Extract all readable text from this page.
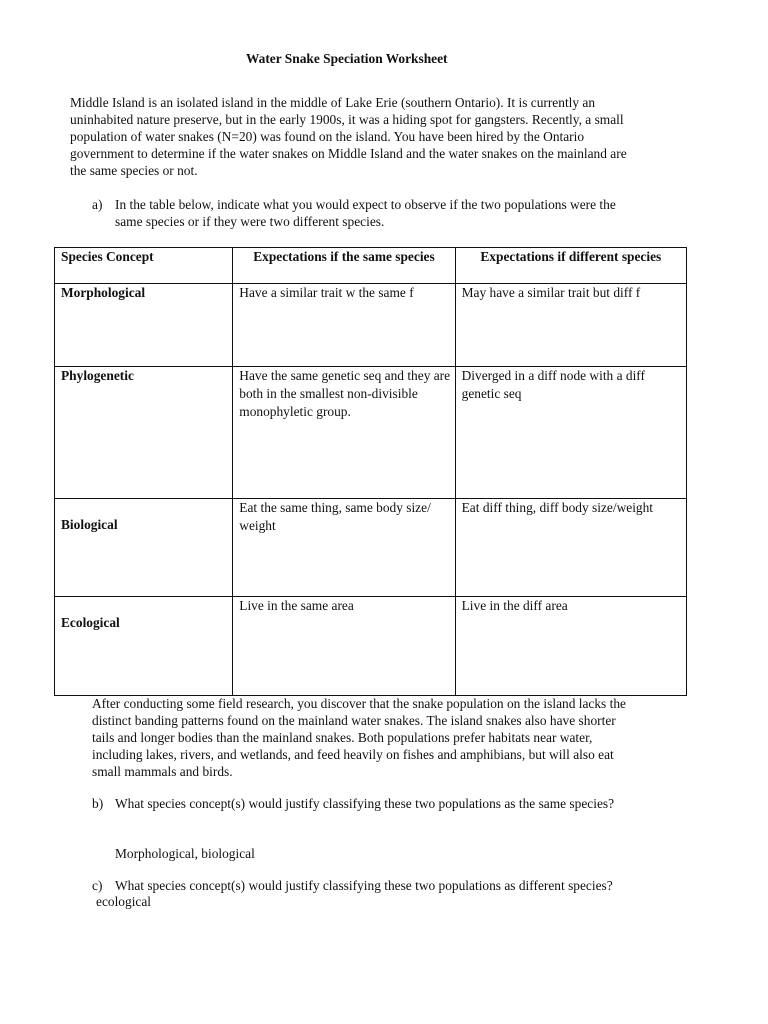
Water Snake Speciation Worksheet
Middle Island is an isolated island in the middle of Lake Erie (southern Ontario). It is currently an uninhabited nature preserve, but in the early 1900s, it was a hiding spot for gangsters. Recently, a small population of water snakes (N=20) was found on the island. You have been hired by the Ontario government to determine if the water snakes on Middle Island and the water snakes on the mainland are the same species or not.
a) In the table below, indicate what you would expect to observe if the two populations were the same species or if they were two different species.
Species Concept	Expectations if the same species	Expectations if different species

Morphological	Have a similar trait w the same f	May have a similar trait but diff f

Phylogenetic	Have the same genetic seq and they are both in the smallest non-divisible monophyletic group.	Diverged in a diff node with a diff genetic seq

Biological	Eat the same thing, same body size/ weight	Eat diff thing, diff body size/weight

Ecological	Live in the same area	Live in the diff area
After conducting some field research, you discover that the snake population on the island lacks the distinct banding patterns found on the mainland water snakes. The island snakes also have shorter tails and longer bodies than the mainland snakes. Both populations prefer habitats near water, including lakes, rivers, and wetlands, and feed heavily on fishes and amphibians, but will also eat small mammals and birds.
b) What species concept(s) would justify classifying these two populations as the same species?
Morphological, biological
c) What species concept(s) would justify classifying these two populations as different species?
ecological
